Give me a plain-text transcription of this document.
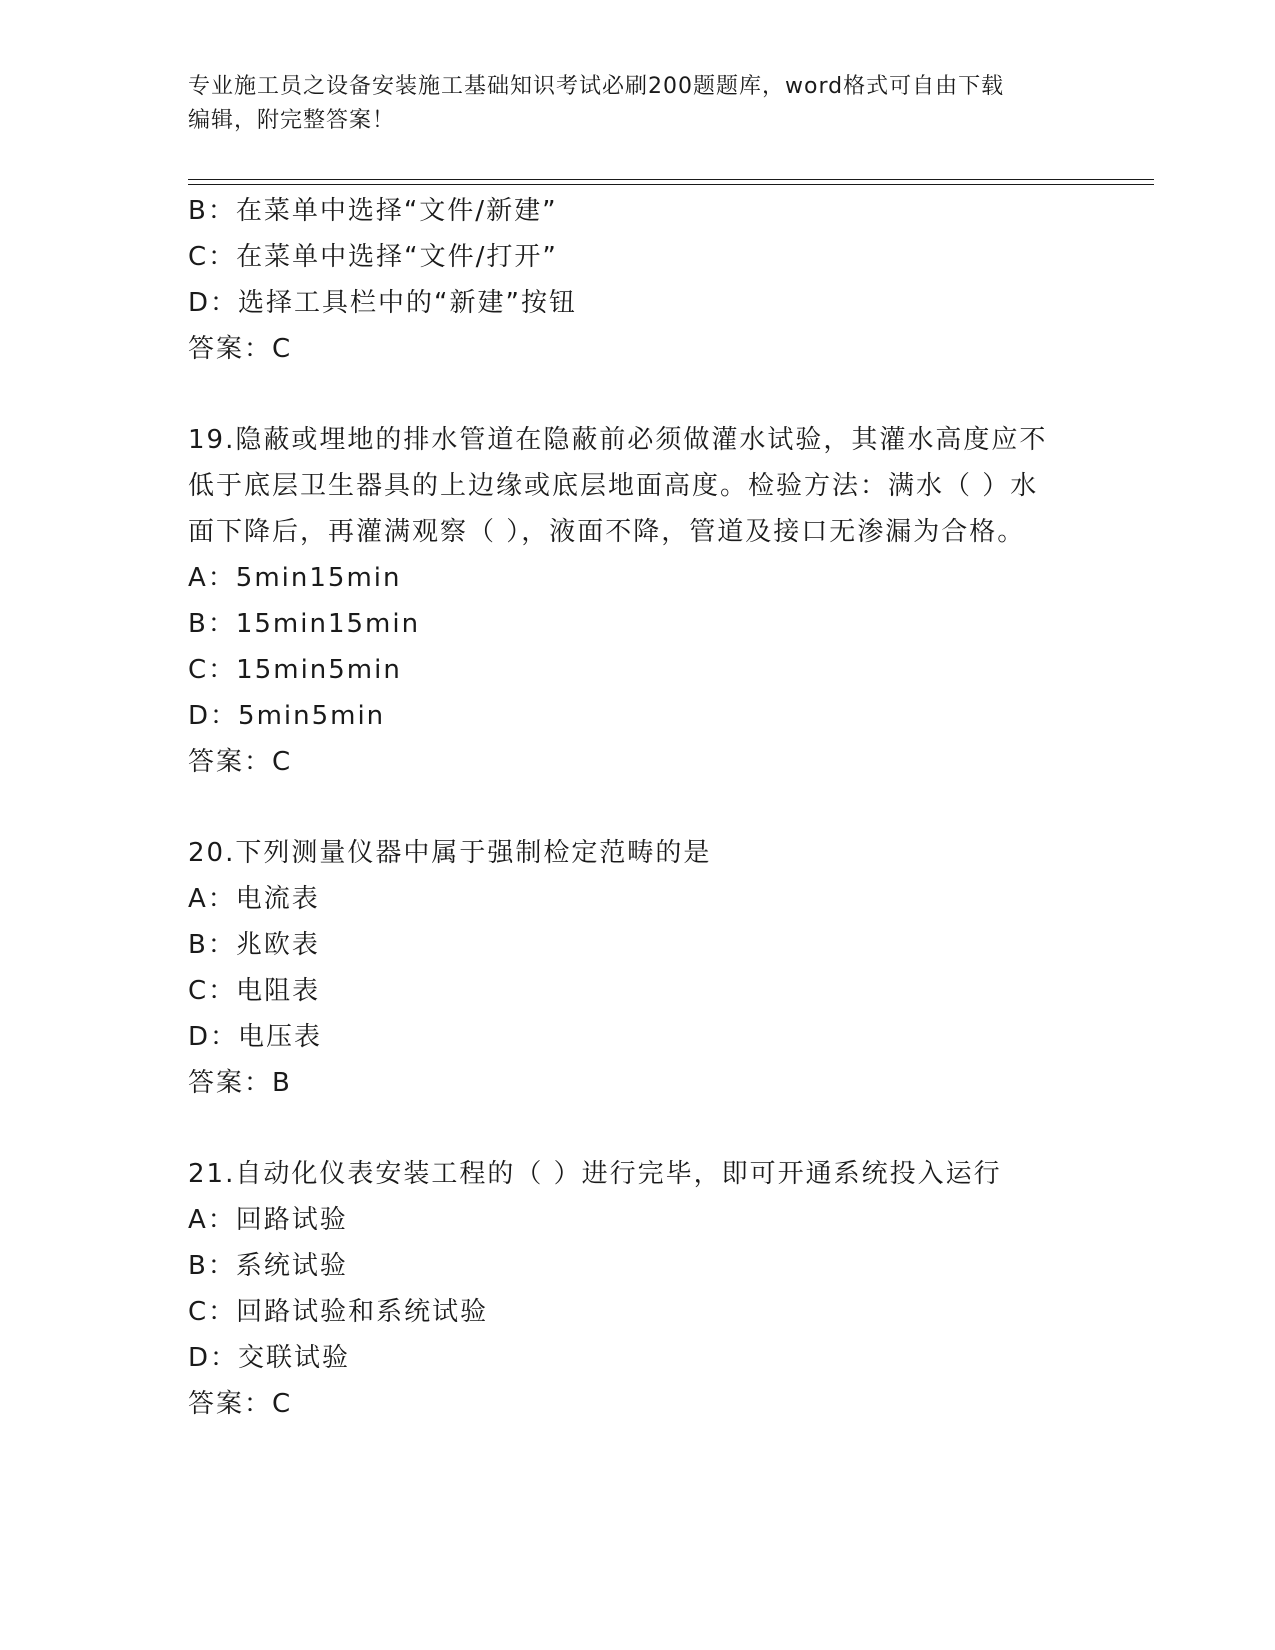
专业施工员之设备安装施工基础知识考试必刷200题题库，word格式可自由下载
编辑，附完整答案！
B：在菜单中选择“文件/新建”
C：在菜单中选择“文件/打开”
D：选择工具栏中的“新建”按钮
答案：C
19.隐蔽或埋地的排水管道在隐蔽前必须做灌水试验，其灌水高度应不
低于底层卫生器具的上边缘或底层地面高度。检验方法：满水（ ）水
面下降后，再灌满观察（ ），液面不降，管道及接口无渗漏为合格。
A：5min15min
B：15min15min
C：15min5min
D：5min5min
答案：C
20.下列测量仪器中属于强制检定范畴的是
A：电流表
B：兆欧表
C：电阻表
D：电压表
答案：B
21.自动化仪表安装工程的（ ）进行完毕，即可开通系统投入运行
A：回路试验
B：系统试验
C：回路试验和系统试验
D：交联试验
答案：C
